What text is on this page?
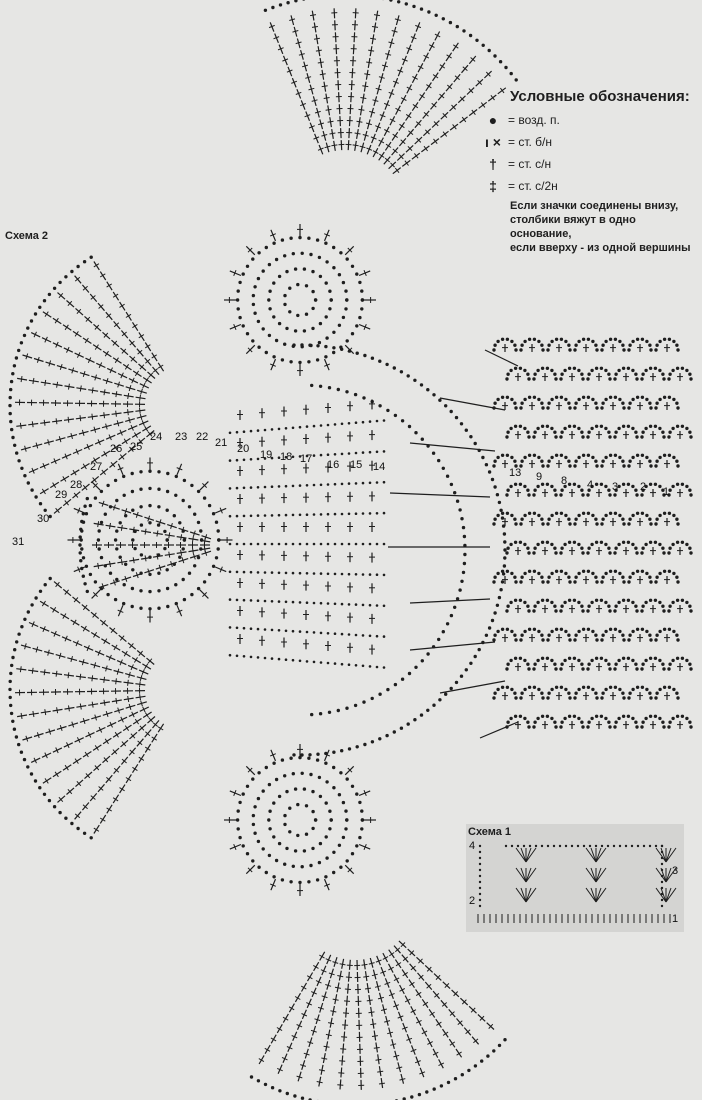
14
15
16
17
18
19
20
21
22
23
24
25
26
27
28
29
30
31
13 9 8 4 3 2 1
Схема 2
Условные обозначения:
● = возд. п.
ı × = ст. б/н
† = ст. с/н
‡ = ст. с/2н
Если значки соединены внизу,
столбики вяжут в одно основание,
если вверху - из одной вершины
Схема 1
4
3
2
1
